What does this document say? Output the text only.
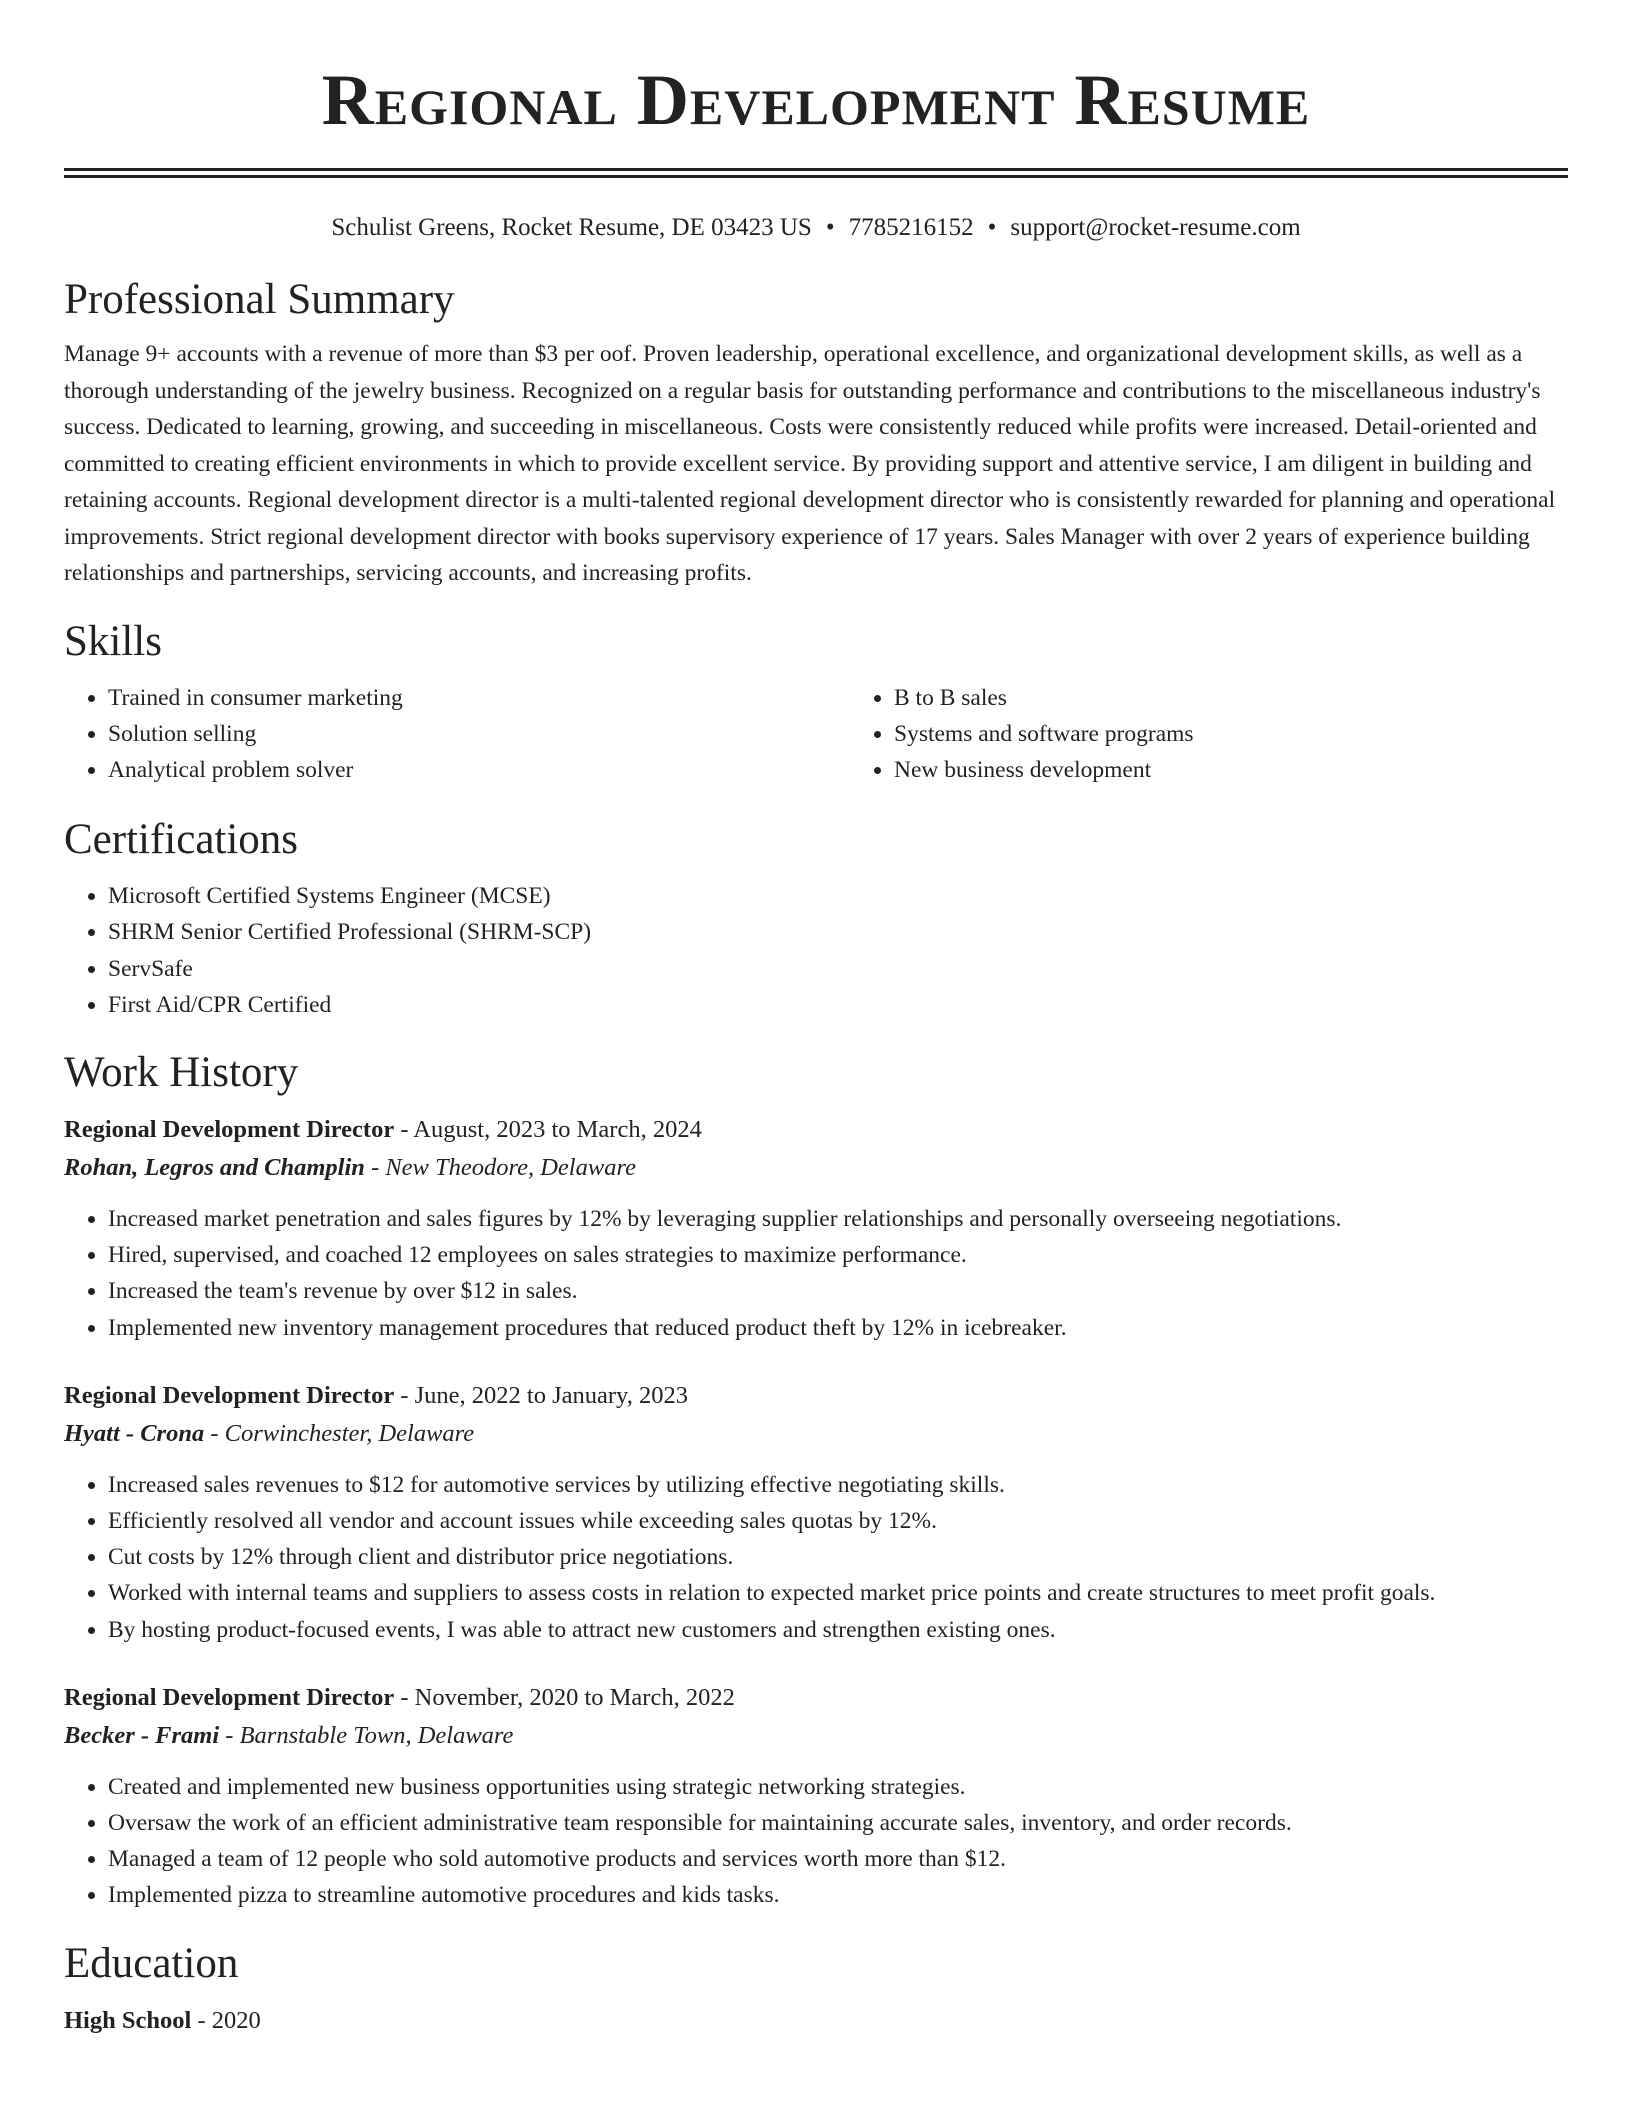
Regional Development Resume
Schulist Greens, Rocket Resume, DE 03423 US • 7785216152 • support@rocket-resume.com
Professional Summary

Manage 9+ accounts with a revenue of more than $3 per oof. Proven leadership, operational excellence, and organizational development skills, as well as a thorough understanding of the jewelry business. Recognized on a regular basis for outstanding performance and contributions to the miscellaneous industry's success. Dedicated to learning, growing, and succeeding in miscellaneous. Costs were consistently reduced while profits were increased. Detail-oriented and committed to creating efficient environments in which to provide excellent service. By providing support and attentive service, I am diligent in building and retaining accounts. Regional development director is a multi-talented regional development director who is consistently rewarded for planning and operational improvements. Strict regional development director with books supervisory experience of 17 years. Sales Manager with over 2 years of experience building relationships and partnerships, servicing accounts, and increasing profits.

Skills
• Trained in consumer marketing
• Solution selling
• Analytical problem solver
• B to B sales
• Systems and software programs
• New business development
Certifications
• Microsoft Certified Systems Engineer (MCSE)
• SHRM Senior Certified Professional (SHRM-SCP)
• ServSafe
• First Aid/CPR Certified
Work History
Regional Development Director - August, 2023 to March, 2024
Rohan, Legros and Champlin - New Theodore, Delaware
• Increased market penetration and sales figures by 12% by leveraging supplier relationships and personally overseeing negotiations.
• Hired, supervised, and coached 12 employees on sales strategies to maximize performance.
• Increased the team's revenue by over $12 in sales.
• Implemented new inventory management procedures that reduced product theft by 12% in icebreaker.
Regional Development Director - June, 2022 to January, 2023
Hyatt - Crona - Corwinchester, Delaware
• Increased sales revenues to $12 for automotive services by utilizing effective negotiating skills.
• Efficiently resolved all vendor and account issues while exceeding sales quotas by 12%.
• Cut costs by 12% through client and distributor price negotiations.
• Worked with internal teams and suppliers to assess costs in relation to expected market price points and create structures to meet profit goals.
• By hosting product-focused events, I was able to attract new customers and strengthen existing ones.
Regional Development Director - November, 2020 to March, 2022
Becker - Frami - Barnstable Town, Delaware
• Created and implemented new business opportunities using strategic networking strategies.
• Oversaw the work of an efficient administrative team responsible for maintaining accurate sales, inventory, and order records.
• Managed a team of 12 people who sold automotive products and services worth more than $12.
• Implemented pizza to streamline automotive procedures and kids tasks.
Education
High School - 2020
